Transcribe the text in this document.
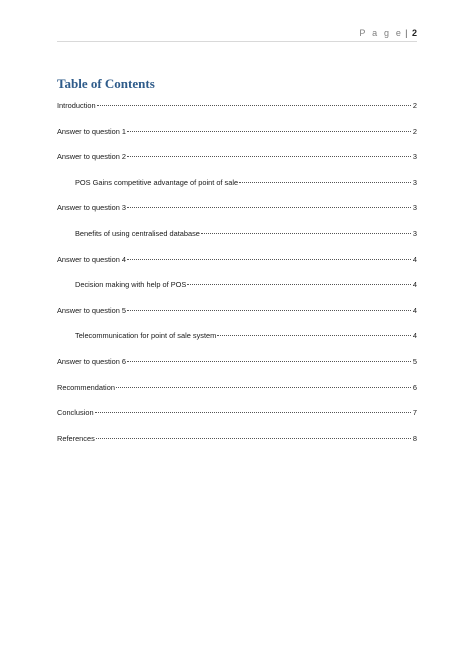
P a g e | 2
Table of Contents
Introduction	2
Answer to question 1	2
Answer to question 2	3
POS Gains competitive advantage of point of sale	3
Answer to question 3	3
Benefits of using centralised database	3
Answer to question 4	4
Decision making with help of POS	4
Answer to question 5	4
Telecommunication for point of sale system	4
Answer to question 6	5
Recommendation	6
Conclusion	7
References	8
